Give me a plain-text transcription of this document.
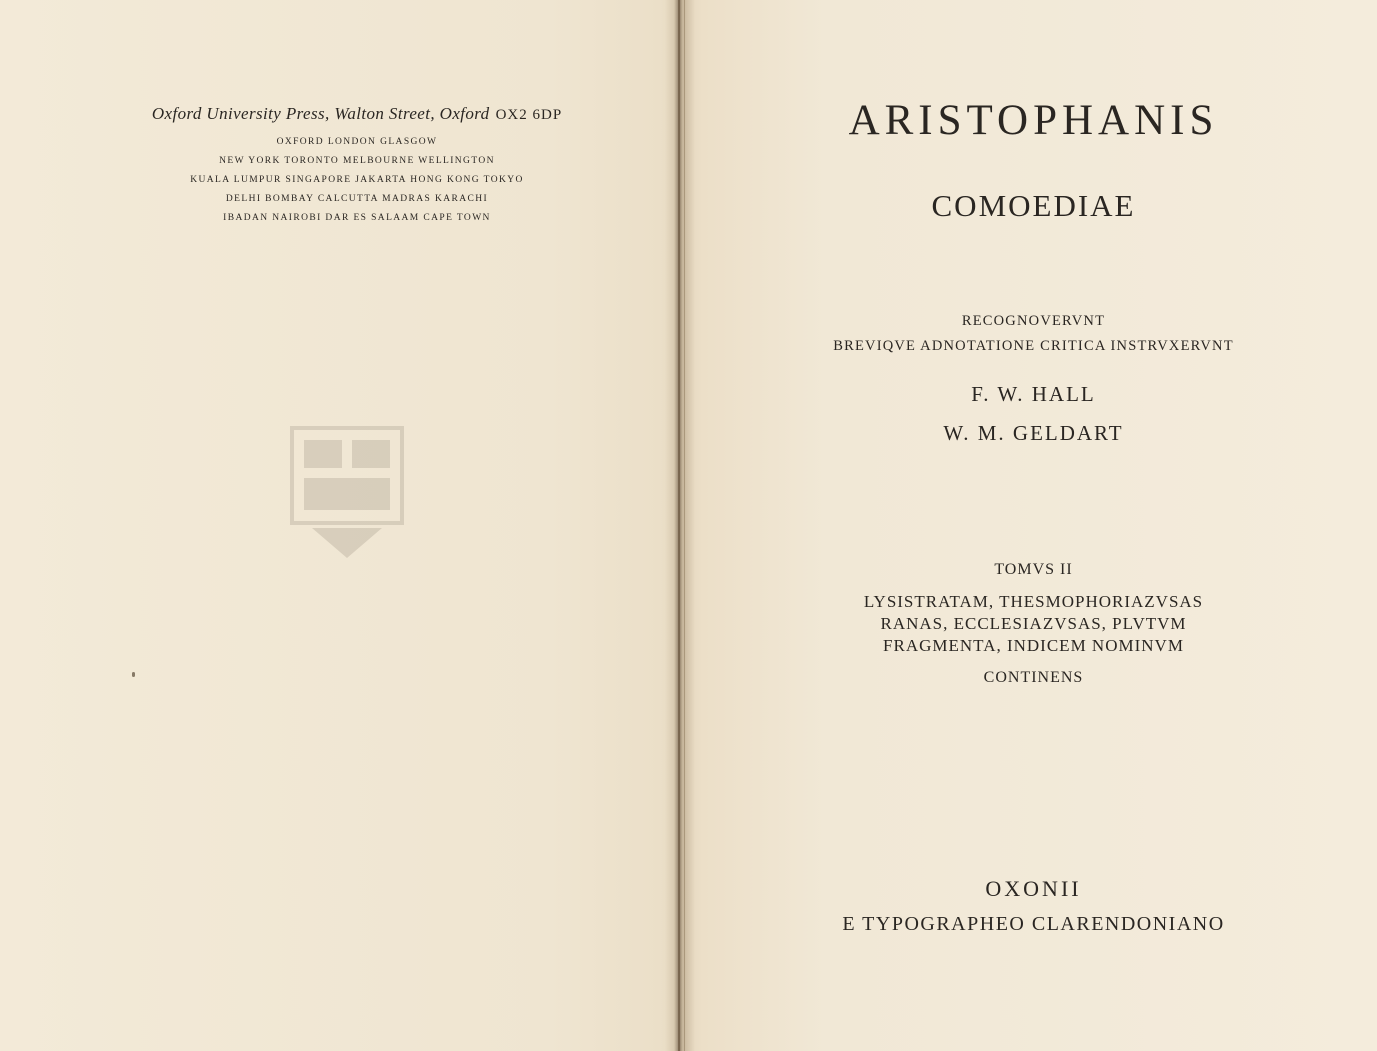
Oxford University Press, Walton Street, Oxford OX2 6DP
OXFORD LONDON GLASGOW
NEW YORK TORONTO MELBOURNE WELLINGTON
KUALA LUMPUR SINGAPORE JAKARTA HONG KONG TOKYO
DELHI BOMBAY CALCUTTA MADRAS KARACHI
IBADAN NAIROBI DAR ES SALAAM CAPE TOWN
ARISTOPHANIS
COMOEDIAE
RECOGNOVERVNT
BREVIQVE ADNOTATIONE CRITICA INSTRVXERVNT
F. W. HALL
W. M. GELDART
TOMVS II
LYSISTRATAM, THESMOPHORIAZVSAS
RANAS, ECCLESIAZVSAS, PLVTVM
FRAGMENTA, INDICEM NOMINVM
CONTINENS
OXONII
E TYPOGRAPHEO CLARENDONIANO
